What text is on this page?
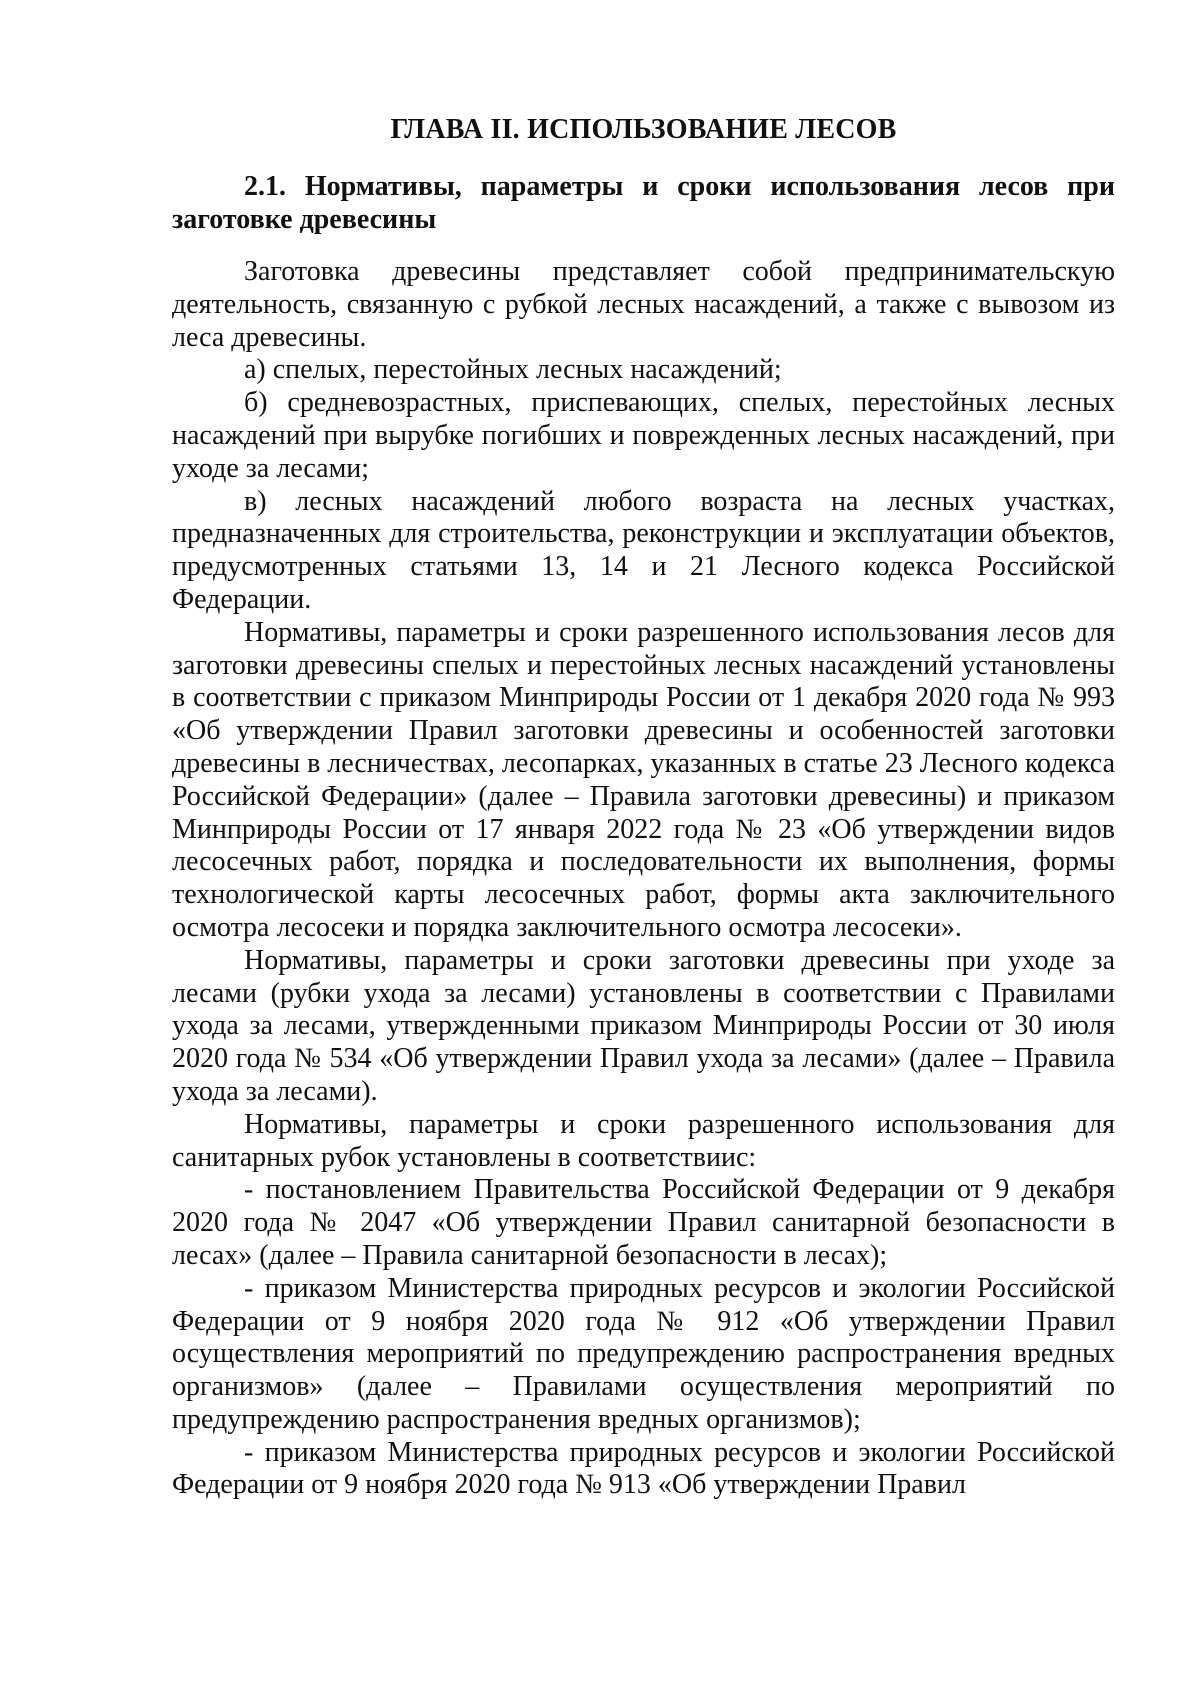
ГЛАВА II. ИСПОЛЬЗОВАНИЕ ЛЕСОВ
2.1. Нормативы, параметры и сроки использования лесов при заготовке древесины

Заготовка древесины представляет собой предпринимательскую деятельность, связанную с рубкой лесных насаждений, а также с вывозом из леса древесины.

а) спелых, перестойных лесных насаждений;

б) средневозрастных, приспевающих, спелых, перестойных лесных насаждений при вырубке погибших и поврежденных лесных насаждений, при уходе за лесами;

в) лесных насаждений любого возраста на лесных участках, предназначенных для строительства, реконструкции и эксплуатации объектов, предусмотренных статьями 13, 14 и 21 Лесного кодекса Российской Федерации.

Нормативы, параметры и сроки разрешенного использования лесов для заготовки древесины спелых и перестойных лесных насаждений установлены в соответствии с приказом Минприроды России от 1 декабря 2020 года № 993 «Об утверждении Правил заготовки древесины и особенностей заготовки древесины в лесничествах, лесопарках, указанных в статье 23 Лесного кодекса Российской Федерации» (далее – Правила заготовки древесины) и приказом Минприроды России от 17 января 2022 года № 23 «Об утверждении видов лесосечных работ, порядка и последовательности их выполнения, формы технологической карты лесосечных работ, формы акта заключительного осмотра лесосеки и порядка заключительного осмотра лесосеки».

Нормативы, параметры и сроки заготовки древесины при уходе за лесами (рубки ухода за лесами) установлены в соответствии с Правилами ухода за лесами, утвержденными приказом Минприроды России от 30 июля 2020 года № 534 «Об утверждении Правил ухода за лесами» (далее – Правила ухода за лесами).

Нормативы, параметры и сроки разрешенного использования для санитарных рубок установлены в соответствииc:

- постановлением Правительства Российской Федерации от 9 декабря 2020 года № 2047 «Об утверждении Правил санитарной безопасности в лесах» (далее – Правила санитарной безопасности в лесах);

- приказом Министерства природных ресурсов и экологии Российской Федерации от 9 ноября 2020 года № 912 «Об утверждении Правил осуществления мероприятий по предупреждению распространения вредных организмов» (далее – Правилами осуществления мероприятий по предупреждению распространения вредных организмов);

- приказом Министерства природных ресурсов и экологии Российской Федерации от 9 ноября 2020 года № 913 «Об утверждении Правил
